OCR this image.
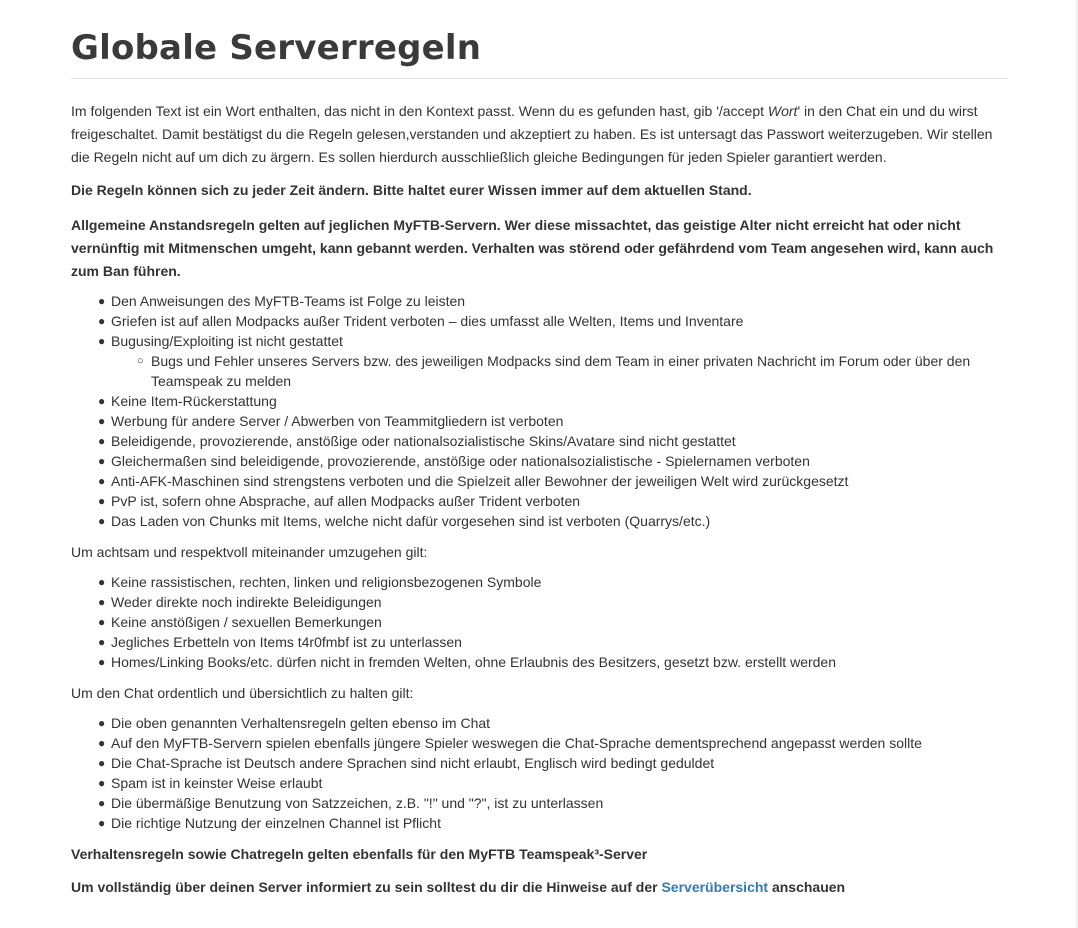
Globale Serverregeln

Im folgenden Text ist ein Wort enthalten, das nicht in den Kontext passt. Wenn du es gefunden hast, gib '/accept Wort' in den Chat ein und du wirst freigeschaltet. Damit bestätigst du die Regeln gelesen,verstanden und akzeptiert zu haben. Es ist untersagt das Passwort weiterzugeben. Wir stellen die Regeln nicht auf um dich zu ärgern. Es sollen hierdurch ausschließlich gleiche Bedingungen für jeden Spieler garantiert werden.

Die Regeln können sich zu jeder Zeit ändern. Bitte haltet eurer Wissen immer auf dem aktuellen Stand.

Allgemeine Anstandsregeln gelten auf jeglichen MyFTB-Servern. Wer diese missachtet, das geistige Alter nicht erreicht hat oder nicht vernünftig mit Mitmenschen umgeht, kann gebannt werden. Verhalten was störend oder gefährdend vom Team angesehen wird, kann auch zum Ban führen.

● Den Anweisungen des MyFTB-Teams ist Folge zu leisten
● Griefen ist auf allen Modpacks außer Trident verboten – dies umfasst alle Welten, Items und Inventare
● Bugusing/Exploiting ist nicht gestattet
○ Bugs und Fehler unseres Servers bzw. des jeweiligen Modpacks sind dem Team in einer privaten Nachricht im Forum oder über den Teamspeak zu melden
● Keine Item-Rückerstattung
● Werbung für andere Server / Abwerben von Teammitgliedern ist verboten
● Beleidigende, provozierende, anstößige oder nationalsozialistische Skins/Avatare sind nicht gestattet
● Gleichermaßen sind beleidigende, provozierende, anstößige oder nationalsozialistische - Spielernamen verboten
● Anti-AFK-Maschinen sind strengstens verboten und die Spielzeit aller Bewohner der jeweiligen Welt wird zurückgesetzt
● PvP ist, sofern ohne Absprache, auf allen Modpacks außer Trident verboten
● Das Laden von Chunks mit Items, welche nicht dafür vorgesehen sind ist verboten (Quarrys/etc.)

Um achtsam und respektvoll miteinander umzugehen gilt:

● Keine rassistischen, rechten, linken und religionsbezogenen Symbole
● Weder direkte noch indirekte Beleidigungen
● Keine anstößigen / sexuellen Bemerkungen
● Jegliches Erbetteln von Items t4r0fmbf ist zu unterlassen
● Homes/Linking Books/etc. dürfen nicht in fremden Welten, ohne Erlaubnis des Besitzers, gesetzt bzw. erstellt werden

Um den Chat ordentlich und übersichtlich zu halten gilt:

● Die oben genannten Verhaltensregeln gelten ebenso im Chat
● Auf den MyFTB-Servern spielen ebenfalls jüngere Spieler weswegen die Chat-Sprache dementsprechend angepasst werden sollte
● Die Chat-Sprache ist Deutsch andere Sprachen sind nicht erlaubt, Englisch wird bedingt geduldet
● Spam ist in keinster Weise erlaubt
● Die übermäßige Benutzung von Satzzeichen, z.B. "!" und "?", ist zu unterlassen
● Die richtige Nutzung der einzelnen Channel ist Pflicht

Verhaltensregeln sowie Chatregeln gelten ebenfalls für den MyFTB Teamspeak³-Server

Um vollständig über deinen Server informiert zu sein solltest du dir die Hinweise auf der Serverübersicht anschauen
